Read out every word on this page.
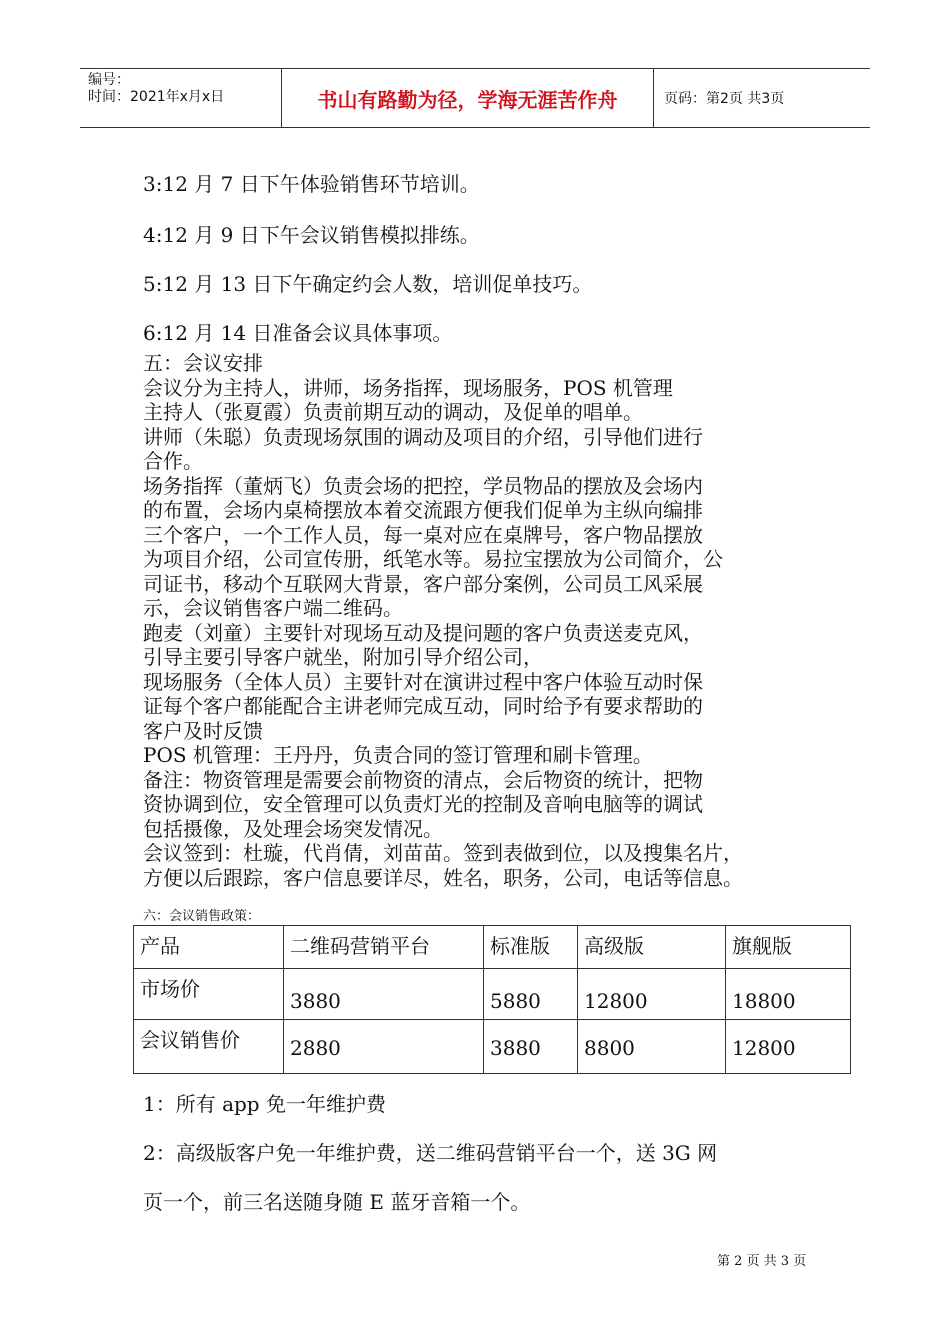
编号：
时间：2021年x月x日	书山有路勤为径，学海无涯苦作舟	页码：第2页 共3页
3:12 月 7 日下午体验销售环节培训。
4:12 月 9 日下午会议销售模拟排练。
5:12 月 13 日下午确定约会人数，培训促单技巧。
6:12 月 14 日准备会议具体事项。

五：会议安排

会议分为主持人，讲师，场务指挥，现场服务，POS 机管理

主持人（张夏霞）负责前期互动的调动，及促单的唱单。

讲师（朱聪）负责现场氛围的调动及项目的介绍，引导他们进行

合作。

场务指挥（董炳飞）负责会场的把控，学员物品的摆放及会场内

的布置，会场内桌椅摆放本着交流跟方便我们促单为主纵向编排

三个客户，一个工作人员，每一桌对应在桌牌号，客户物品摆放

为项目介绍，公司宣传册，纸笔水等。易拉宝摆放为公司简介，公

司证书，移动个互联网大背景，客户部分案例，公司员工风采展

示，会议销售客户端二维码。

跑麦（刘童）主要针对现场互动及提问题的客户负责送麦克风，

引导主要引导客户就坐，附加引导介绍公司，

现场服务（全体人员）主要针对在演讲过程中客户体验互动时保

证每个客户都能配合主讲老师完成互动，同时给予有要求帮助的

客户及时反馈

POS 机管理：王丹丹，负责合同的签订管理和刷卡管理。

备注：物资管理是需要会前物资的清点，会后物资的统计，把物

资协调到位，安全管理可以负责灯光的控制及音响电脑等的调试

包括摄像，及处理会场突发情况。

会议签到：杜璇，代肖倩，刘苗苗。签到表做到位，以及搜集名片，

方便以后跟踪，客户信息要详尽，姓名，职务，公司，电话等信息。

六：会议销售政策：
产品	二维码营销平台	标准版	高级版	旗舰版
市场价	3880	5880	12800	18800
会议销售价	2880	3880	8800	12800
1：所有 app 免一年维护费
2：高级版客户免一年维护费，送二维码营销平台一个，送 3G 网
页一个，前三名送随身随 E 蓝牙音箱一个。
第 2 页 共 3 页
